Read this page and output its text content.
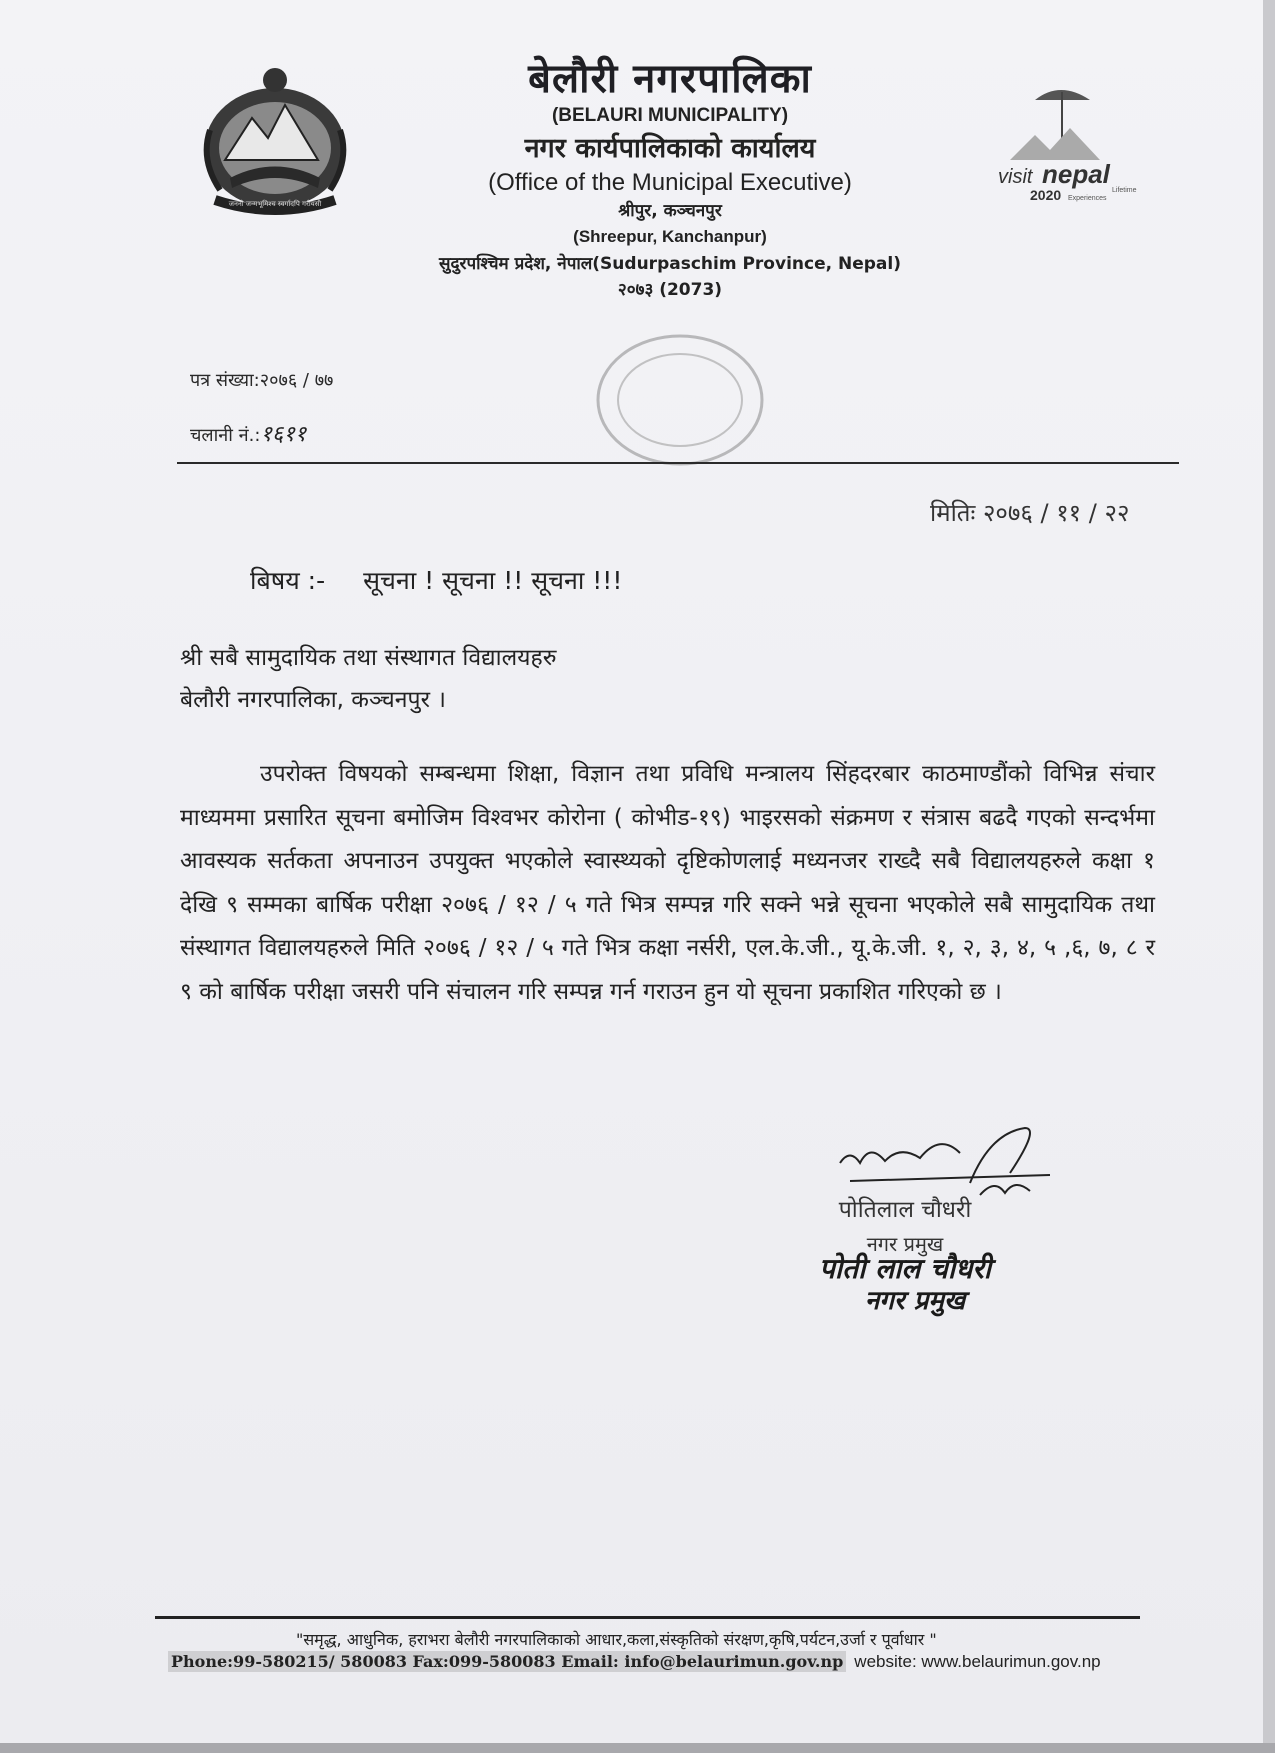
जननी जन्मभूमिश्च स्वर्गादपि गरीयसी
बेलौरी नगरपालिका
(BELAURI MUNICIPALITY)
नगर कार्यपालिकाको कार्यालय
(Office of the Municipal Executive)
श्रीपुर, कञ्चनपुर
(Shreepur, Kanchanpur)
सुदुरपश्चिम प्रदेश, नेपाल(Sudurpaschim Province, Nepal)
२०७३ (2073)
visit nepal
2020	Lifetime
Experiences
पत्र संख्या:२०७६ / ७७
चलानी नं.:१६११
मितिः २०७६ / ११ / २२
बिषय :- सूचना ! सूचना !! सूचना !!!
श्री सबै सामुदायिक तथा संस्थागत विद्यालयहरु
बेलौरी नगरपालिका, कञ्चनपुर ।
उपरोक्त विषयको सम्बन्धमा शिक्षा, विज्ञान तथा प्रविधि मन्त्रालय सिंहदरबार काठमाण्डौंको विभिन्न संचार माध्यममा प्रसारित सूचना बमोजिम विश्वभर कोरोना ( कोभीड-१९) भाइरसको संक्रमण र संत्रास बढदै गएको सन्दर्भमा आवस्यक सर्तकता अपनाउन उपयुक्त भएकोले स्वास्थ्यको दृष्टिकोणलाई मध्यनजर राख्दै सबै विद्यालयहरुले कक्षा १ देखि ९ सम्मका बार्षिक परीक्षा २०७६ / १२ / ५ गते भित्र सम्पन्न गरि सक्ने भन्ने सूचना भएकोले सबै सामुदायिक तथा संस्थागत विद्यालयहरुले मिति २०७६ / १२ / ५ गते भित्र कक्षा नर्सरी, एल.के.जी., यू.के.जी. १, २, ३, ४, ५ ,६, ७, ८ र ९ को बार्षिक परीक्षा जसरी पनि संचालन गरि सम्पन्न गर्न गराउन हुन यो सूचना प्रकाशित गरिएको छ ।
पोतिलाल चौधरी
नगर प्रमुख
पोती लाल चौधरी
नगर प्रमुख
"समृद्ध, आधुनिक, हराभरा बेलौरी नगरपालिकाको आधार,कला,संस्कृतिको संरक्षण,कृषि,पर्यटन,उर्जा र पूर्वाधार "
Phone:99-580215/ 580083 Fax:099-580083 Email: info@belaurimun.gov.np website: www.belaurimun.gov.np
